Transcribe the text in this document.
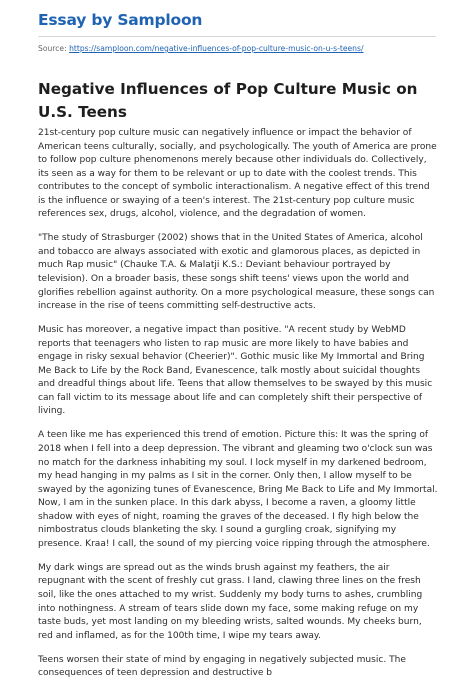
Essay by Samploon
Source: https://samploon.com/negative-influences-of-pop-culture-music-on-u-s-teens/
Negative Influences of Pop Culture Music on U.S. Teens

21st-century pop culture music can negatively influence or impact the behavior of American teens culturally, socially, and psychologically. The youth of America are prone to follow pop culture phenomenons merely because other individuals do. Collectively, its seen as a way for them to be relevant or up to date with the coolest trends. This contributes to the concept of symbolic interactionalism. A negative effect of this trend is the influence or swaying of a teen's interest. The 21st-century pop culture music references sex, drugs, alcohol, violence, and the degradation of women.

"The study of Strasburger (2002) shows that in the United States of America, alcohol and tobacco are always associated with exotic and glamorous places, as depicted in much Rap music" (Chauke T.A. & Malatji K.S.: Deviant behaviour portrayed by television). On a broader basis, these songs shift teens' views upon the world and glorifies rebellion against authority. On a more psychological measure, these songs can increase in the rise of teens committing self-destructive acts.

Music has moreover, a negative impact than positive. "A recent study by WebMD reports that teenagers who listen to rap music are more likely to have babies and engage in risky sexual behavior (Cheerier)". Gothic music like My Immortal and Bring Me Back to Life by the Rock Band, Evanescence, talk mostly about suicidal thoughts and dreadful things about life. Teens that allow themselves to be swayed by this music can fall victim to its message about life and can completely shift their perspective of living.

A teen like me has experienced this trend of emotion. Picture this: It was the spring of 2018 when I fell into a deep depression. The vibrant and gleaming two o'clock sun was no match for the darkness inhabiting my soul. I lock myself in my darkened bedroom, my head hanging in my palms as I sit in the corner. Only then, I allow myself to be swayed by the agonizing tunes of Evanescence, Bring Me Back to Life and My Immortal. Now, I am in the sunken place. In this dark abyss, I become a raven, a gloomy little shadow with eyes of night, roaming the graves of the deceased. I fly high below the nimbostratus clouds blanketing the sky. I sound a gurgling croak, signifying my presence. Kraa! I call, the sound of my piercing voice ripping through the atmosphere.

My dark wings are spread out as the winds brush against my feathers, the air repugnant with the scent of freshly cut grass. I land, clawing three lines on the fresh soil, like the ones attached to my wrist. Suddenly my body turns to ashes, crumbling into nothingness. A stream of tears slide down my face, some making refuge on my taste buds, yet most landing on my bleeding wrists, salted wounds. My cheeks burn, red and inflamed, as for the 100th time, I wipe my tears away.

Teens worsen their state of mind by engaging in negatively subjected music. The consequences of teen depression and destructive b
